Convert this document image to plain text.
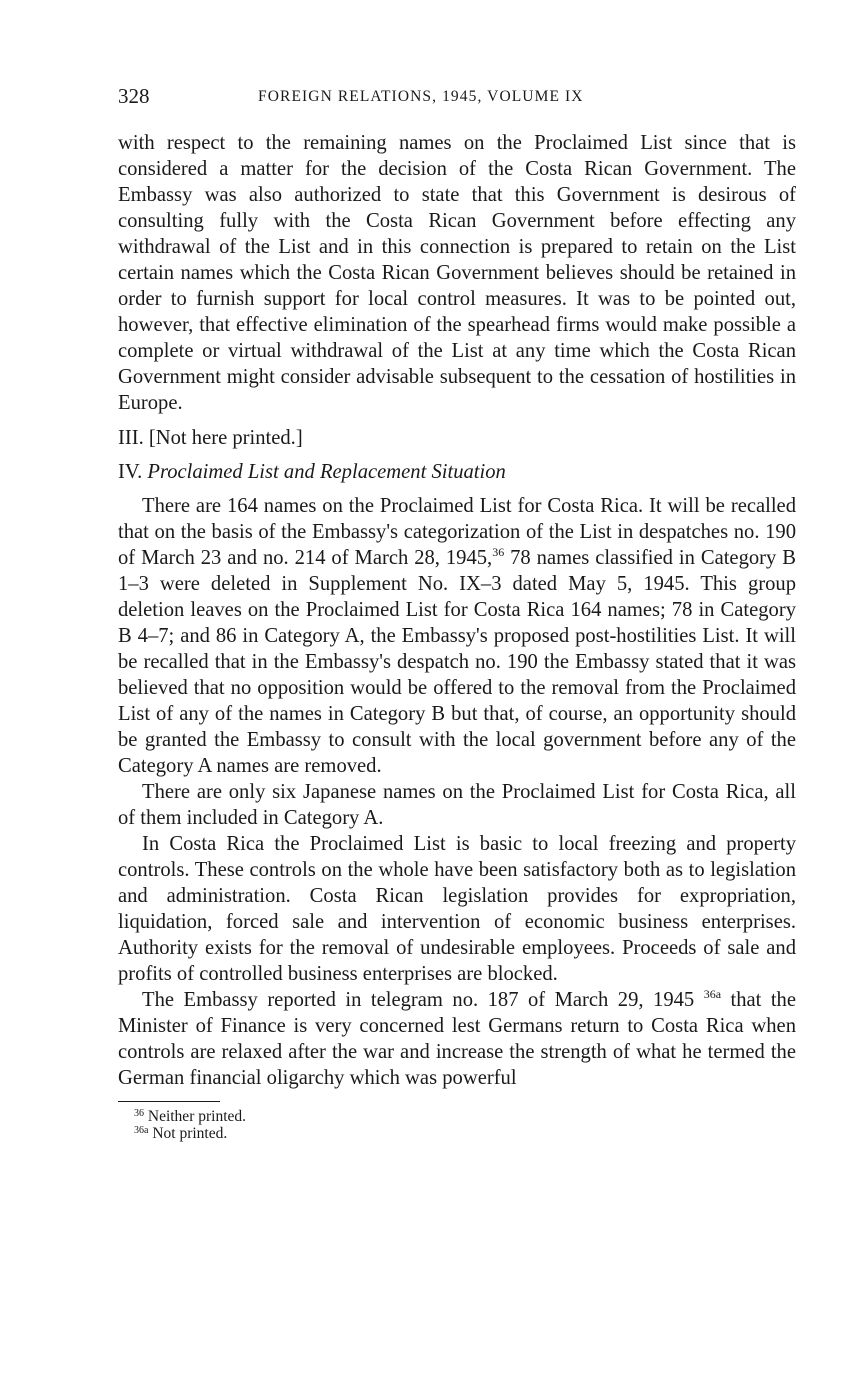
328	FOREIGN RELATIONS, 1945, VOLUME IX

with respect to the remaining names on the Proclaimed List since that is considered a matter for the decision of the Costa Rican Government. The Embassy was also authorized to state that this Government is desirous of consulting fully with the Costa Rican Government before effecting any withdrawal of the List and in this connection is prepared to retain on the List certain names which the Costa Rican Government believes should be retained in order to furnish support for local control measures. It was to be pointed out, however, that effective elimination of the spearhead firms would make possible a complete or virtual withdrawal of the List at any time which the Costa Rican Government might consider advisable subsequent to the cessation of hostilities in Europe.

III. [Not here printed.]

IV. Proclaimed List and Replacement Situation

There are 164 names on the Proclaimed List for Costa Rica. It will be recalled that on the basis of the Embassy's categorization of the List in despatches no. 190 of March 23 and no. 214 of March 28, 1945,36 78 names classified in Category B 1–3 were deleted in Supplement No. IX–3 dated May 5, 1945. This group deletion leaves on the Proclaimed List for Costa Rica 164 names; 78 in Category B 4–7; and 86 in Category A, the Embassy's proposed post-hostilities List. It will be recalled that in the Embassy's despatch no. 190 the Embassy stated that it was believed that no opposition would be offered to the removal from the Proclaimed List of any of the names in Category B but that, of course, an opportunity should be granted the Embassy to consult with the local government before any of the Category A names are removed.

There are only six Japanese names on the Proclaimed List for Costa Rica, all of them included in Category A.

In Costa Rica the Proclaimed List is basic to local freezing and property controls. These controls on the whole have been satisfactory both as to legislation and administration. Costa Rican legislation provides for expropriation, liquidation, forced sale and intervention of economic business enterprises. Authority exists for the removal of undesirable employees. Proceeds of sale and profits of controlled business enterprises are blocked.

The Embassy reported in telegram no. 187 of March 29, 1945 $^{36a}$ that the Minister of Finance is very concerned lest Germans return to Costa Rica when controls are relaxed after the war and increase the strength of what he termed the German financial oligarchy which was powerful

$^{36}$ Neither printed.
$^{36a}$ Not printed.
